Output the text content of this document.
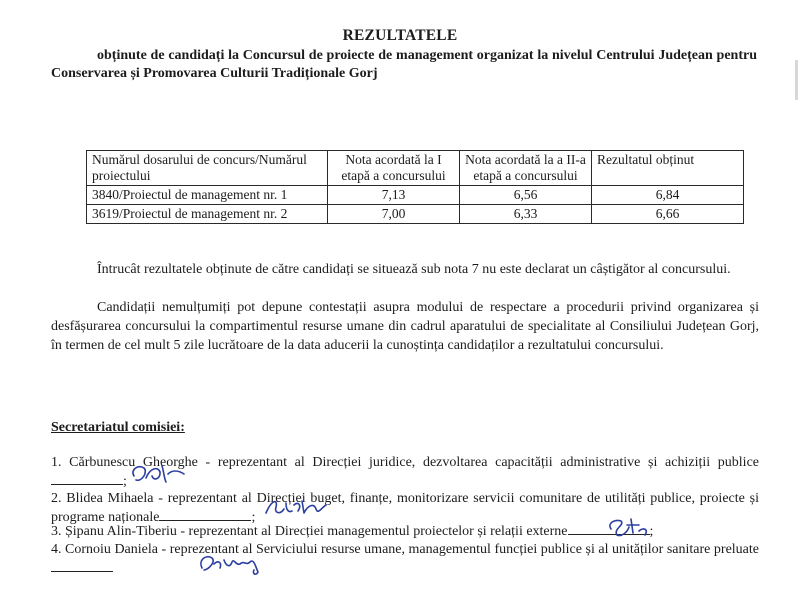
REZULTATELE
obținute de candidați la Concursul de proiecte de management organizat la nivelul Centrului Județean pentru Conservarea și Promovarea Culturii Tradiționale Gorj
Numărul dosarului de concurs/Numărul proiectului	Nota acordată la I etapă a concursului	Nota acordată la a II-a etapă a concursului	Rezultatul obținut
3840/Proiectul de management nr. 1	7,13	6,56	6,84
3619/Proiectul de management nr. 2	7,00	6,33	6,66
Întrucât rezultatele obținute de către candidați se situează sub nota 7 nu este declarat un câștigător al concursului.
Candidații nemulțumiți pot depune contestații asupra modului de respectare a procedurii privind organizarea și desfășurarea concursului la compartimentul resurse umane din cadrul aparatului de specialitate al Consiliului Județean Gorj, în termen de cel mult 5 zile lucrătoare de la data aducerii la cunoștința candidaților a rezultatului concursului.
Secretariatul comisiei:
1. Cărbunescu Gheorghe - reprezentant al Direcției juridice, dezvoltarea capacității administrative și achiziții publice;
2. Blidea Mihaela - reprezentant al Direcției buget, finanțe, monitorizare servicii comunitare de utilități publice, proiecte și programe naționale	;
3. Șipanu Alin-Tiberiu - reprezentant al Direcției managementul proiectelor și relații externe	;
4. Cornoiu Daniela - reprezentant al Serviciului resurse umane, managementul funcției publice și al unităților sanitare preluate
